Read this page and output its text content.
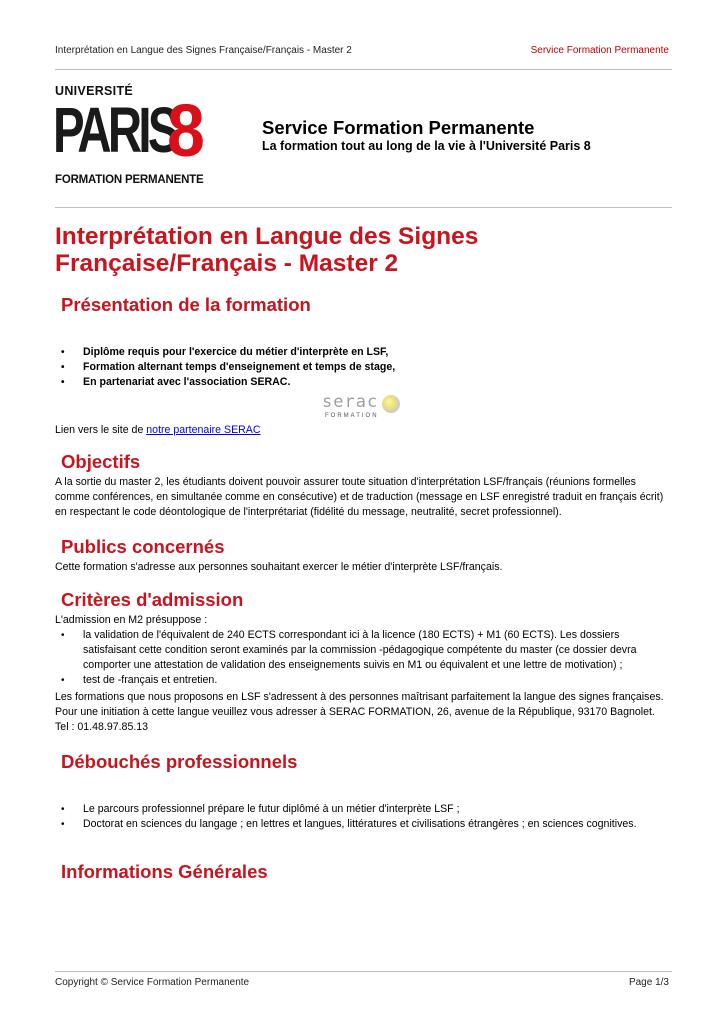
Interprétation en Langue des Signes Française/Français - Master 2	Service Formation Permanente
UNIVERSITÉ
PARIS
8
FORMATION PERMANENTE
Service Formation Permanente
La formation tout au long de la vie à l'Université Paris 8
Interprétation en Langue des Signes
Française/Français - Master 2
Présentation de la formation
• Diplôme requis pour l'exercice du métier d'interprète en LSF,
• Formation alternant temps d'enseignement et temps de stage,
• En partenariat avec l'association SERAC.
serac
FORMATION
Lien vers le site de notre partenaire SERAC
Objectifs
A la sortie du master 2, les étudiants doivent pouvoir assurer toute situation d'interprétation LSF/français (réunions formelles comme conférences, en simultanée comme en consécutive) et de traduction (message en LSF enregistré traduit en français écrit) en respectant le code déontologique de l'interprétariat (fidélité du message, neutralité, secret professionnel).
Publics concernés
Cette formation s'adresse aux personnes souhaitant exercer le métier d'interprète LSF/français.
Critères d'admission
L'admission en M2 présuppose :
• la validation de l'équivalent de 240 ECTS correspondant ici à la licence (180 ECTS) + M1 (60 ECTS). Les dossiers satisfaisant cette condition seront examinés par la commission -pédagogique compétente du master (ce dossier devra comporter une attestation de validation des enseignements suivis en M1 ou équivalent et une lettre de motivation) ;
• test de -français et entretien.
Les formations que nous proposons en LSF s'adressent à des personnes maîtrisant parfaitement la langue des signes françaises. Pour une initiation à cette langue veuillez vous adresser à SERAC FORMATION, 26, avenue de la République, 93170 Bagnolet. Tel : 01.48.97.85.13
Débouchés professionnels
• Le parcours professionnel prépare le futur diplômé à un métier d'interprète LSF ;
• Doctorat en sciences du langage ; en lettres et langues, littératures et civilisations étrangères ; en sciences cognitives.
Informations Générales
Copyright © Service Formation Permanente	Page 1/3
